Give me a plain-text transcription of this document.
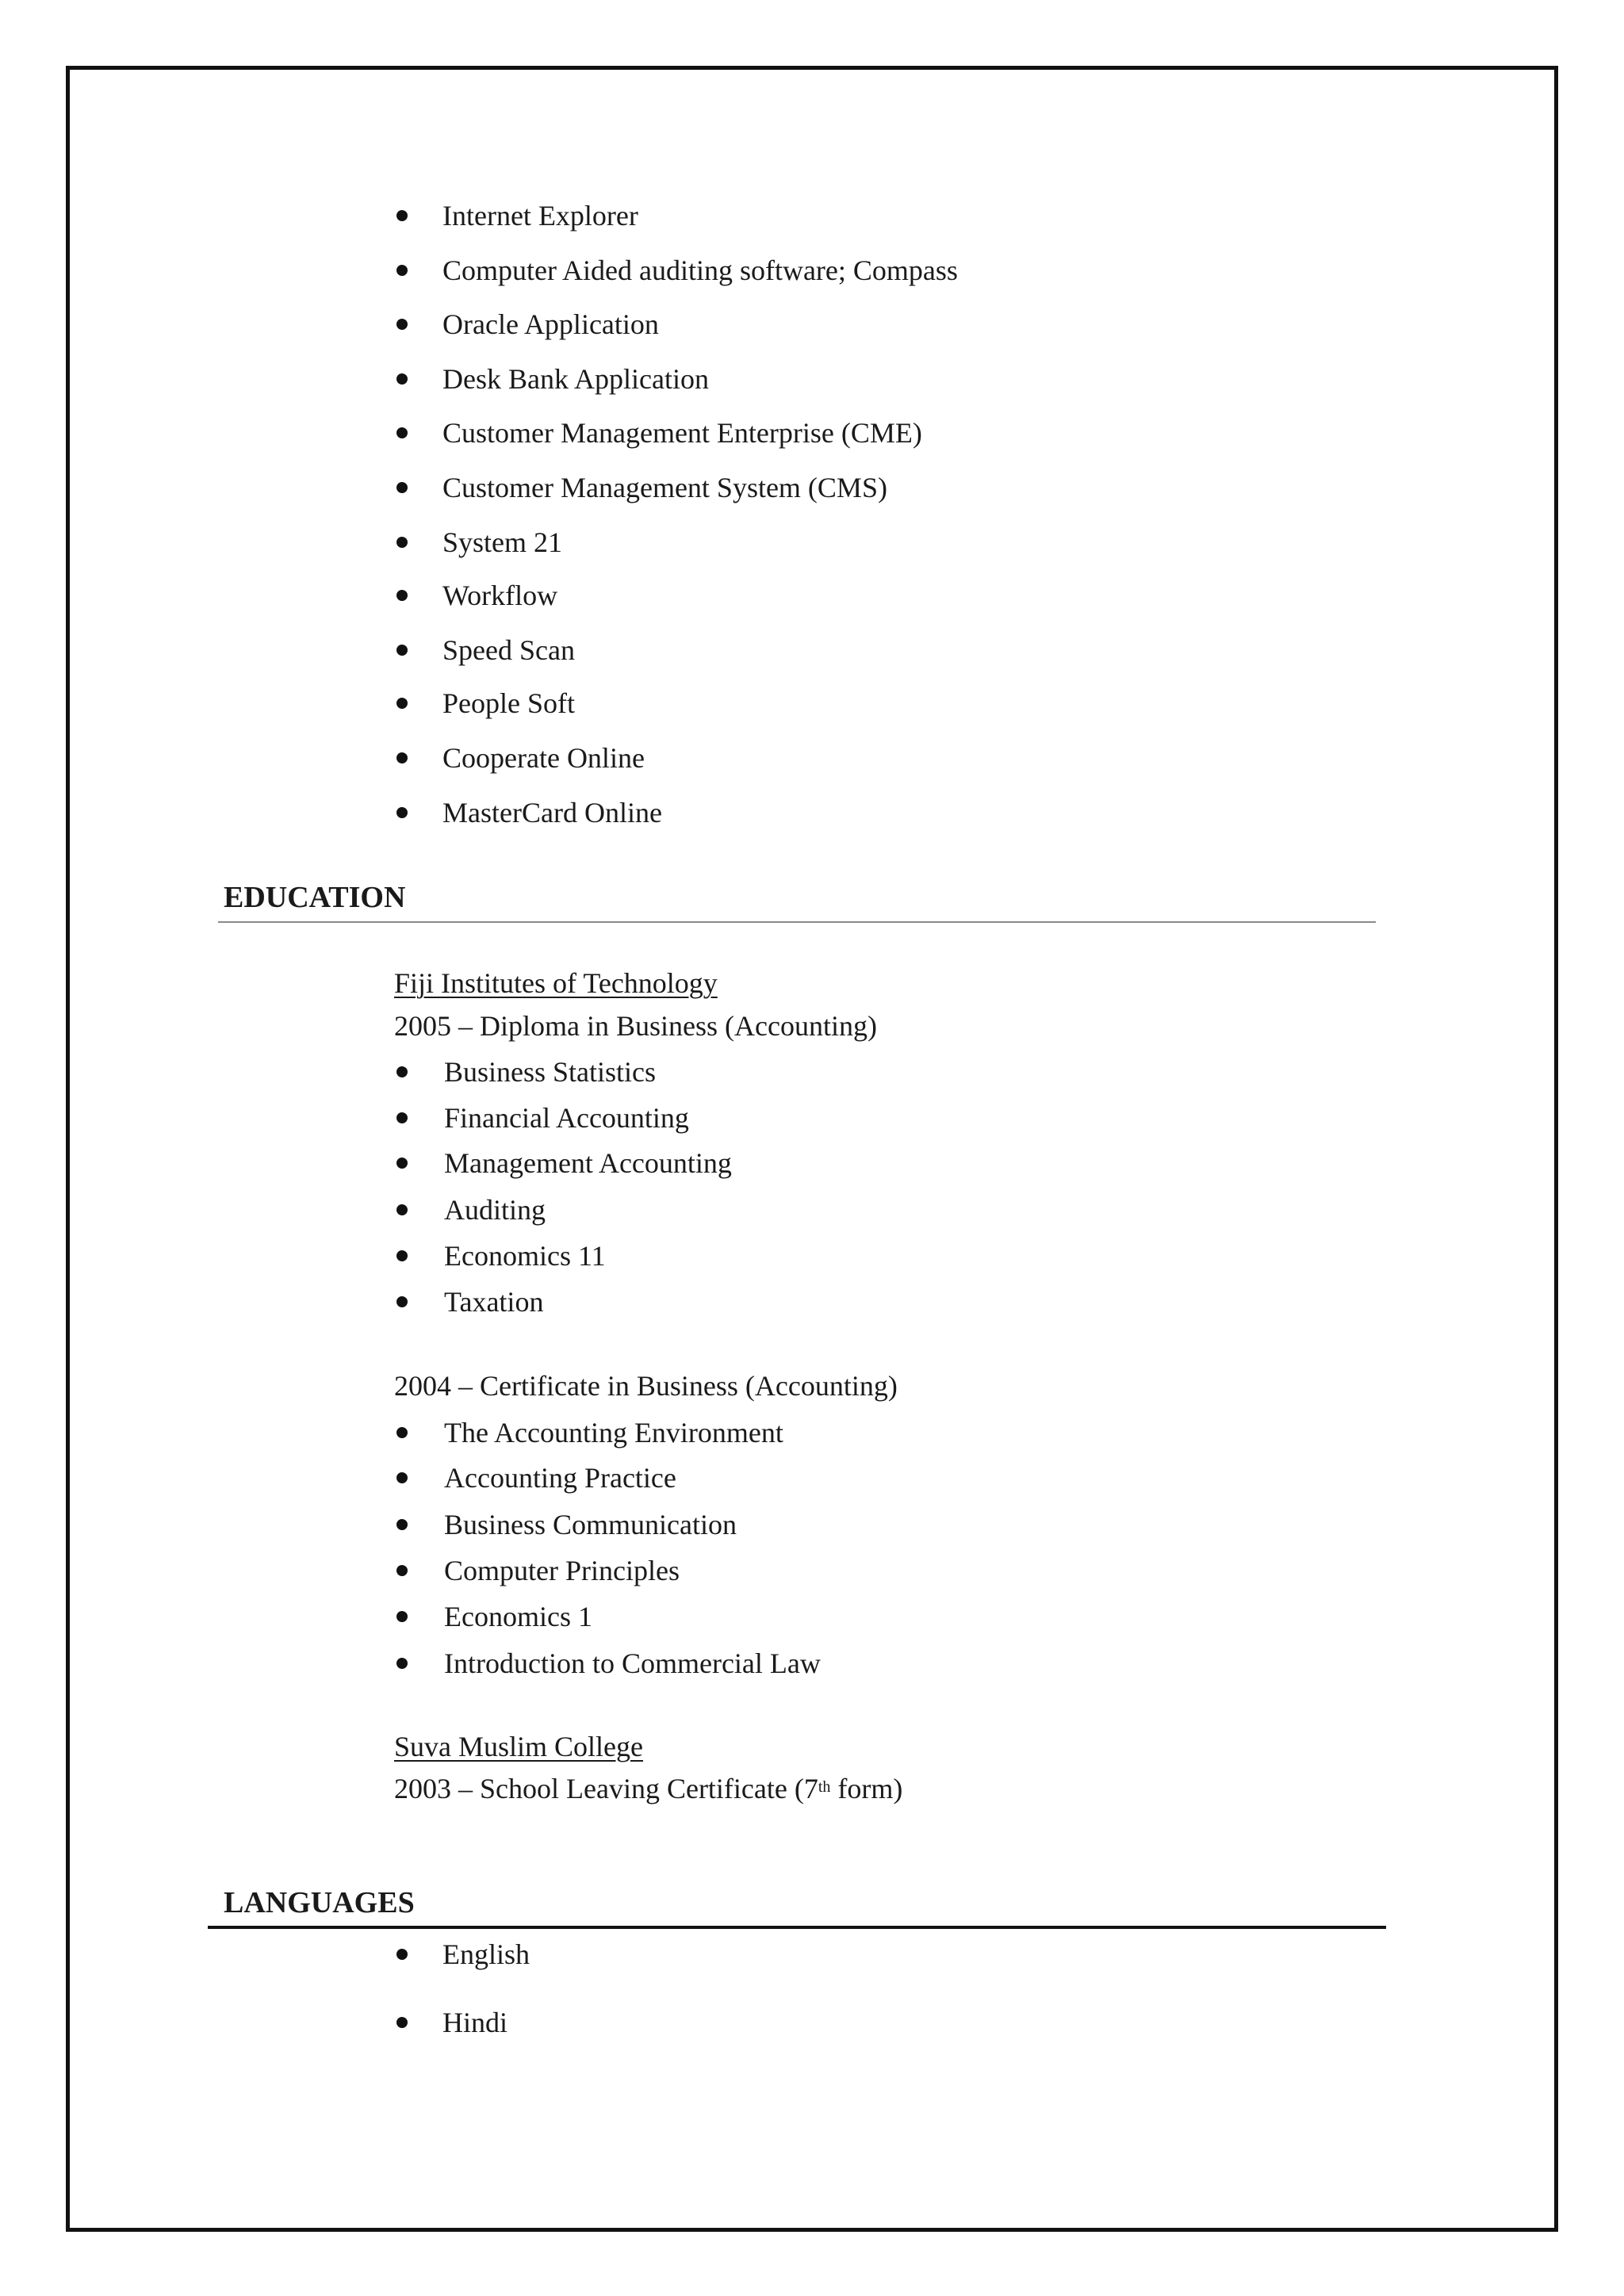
Internet Explorer
Computer Aided auditing software; Compass
Oracle Application
Desk Bank Application
Customer Management Enterprise (CME)
Customer Management System (CMS)
System 21
Workflow
Speed Scan
People Soft
Cooperate Online
MasterCard Online
EDUCATION
Fiji Institutes of Technology
2005 – Diploma in Business (Accounting)
Business Statistics
Financial Accounting
Management Accounting
Auditing
Economics 11
Taxation
2004 – Certificate in Business (Accounting)
The Accounting Environment
Accounting Practice
Business Communication
Computer Principles
Economics 1
Introduction to Commercial Law
Suva Muslim College
2003 – School Leaving Certificate (7th form)
LANGUAGES
English
Hindi
